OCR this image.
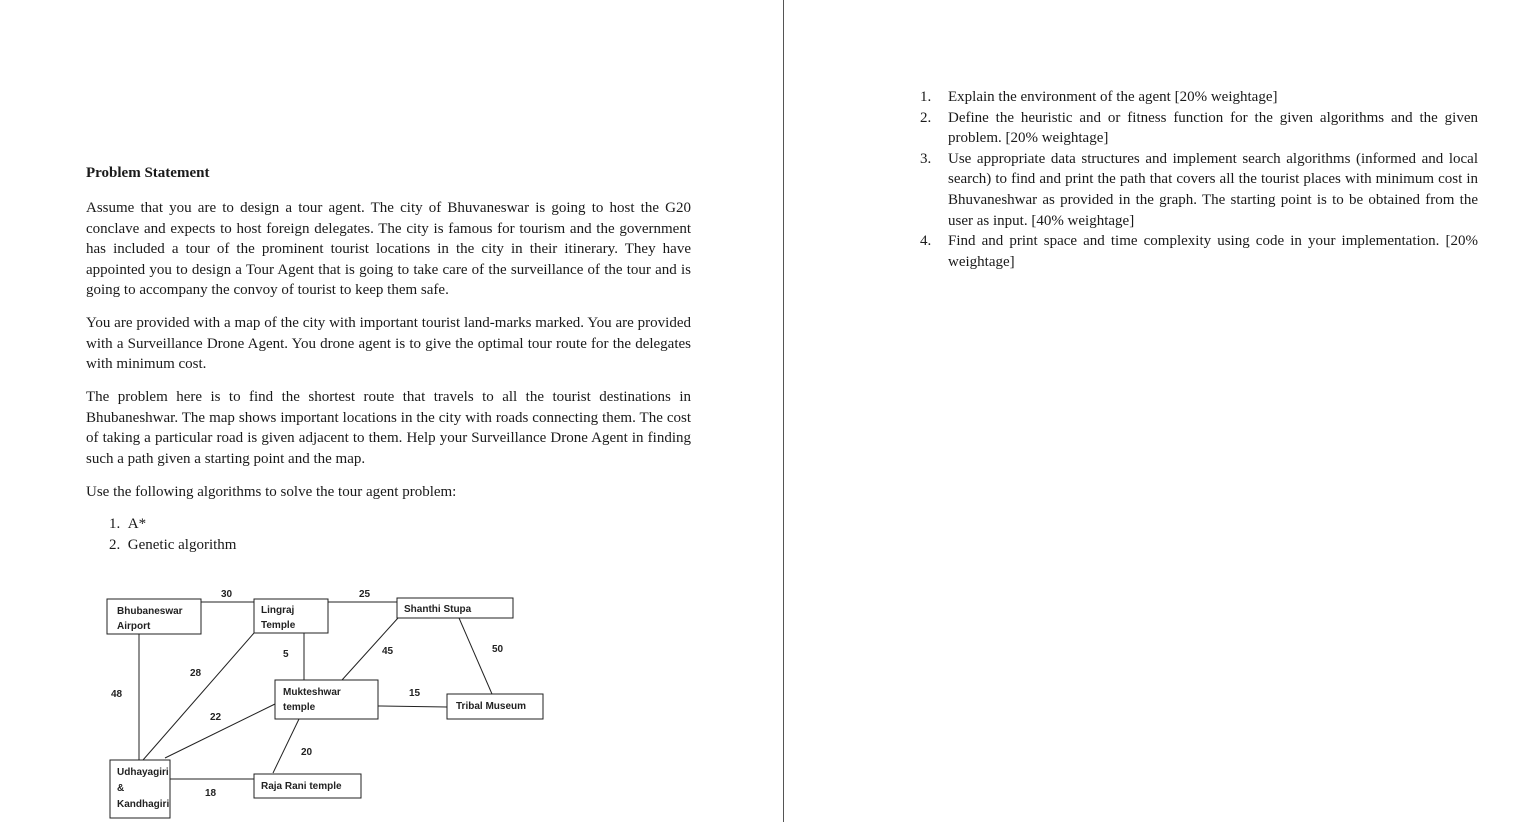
Problem Statement
Assume that you are to design a tour agent. The city of Bhuvaneswar is going to host the G20 conclave and expects to host foreign delegates. The city is famous for tourism and the government has included a tour of the prominent tourist locations in the city in their itinerary. They have appointed you to design a Tour Agent that is going to take care of the surveillance of the tour and is going to accompany the convoy of tourist to keep them safe.
You are provided with a map of the city with important tourist land-marks marked. You are provided with a Surveillance Drone Agent. You drone agent is to give the optimal tour route for the delegates with minimum cost.
The problem here is to find the shortest route that travels to all the tourist destinations in Bhubaneshwar. The map shows important locations in the city with roads connecting them. The cost of taking a particular road is given adjacent to them. Help your Surveillance Drone Agent in finding such a path given a starting point and the map.
Use the following algorithms to solve the tour agent problem:
1.  A*
2.  Genetic algorithm
Bhubaneswar
Airport
Lingraj
Temple
Shanthi Stupa
Mukteshwar
temple	Tribal Museum
Udhayagiri
&
Kandhagiri
Raja Rani temple
30	25
5	45	50
15
48
28
22
20
18
1. Explain the environment of the agent [20% weightage]
2. Define the heuristic and or fitness function for the given algorithms and the given problem. [20% weightage]
3. Use appropriate data structures and implement search algorithms (informed and local search) to find and print the path that covers all the tourist places with minimum cost in Bhuvaneshwar as provided in the graph. The starting point is to be obtained from the user as input. [40% weightage]
4. Find and print space and time complexity using code in your implementation. [20% weightage]
